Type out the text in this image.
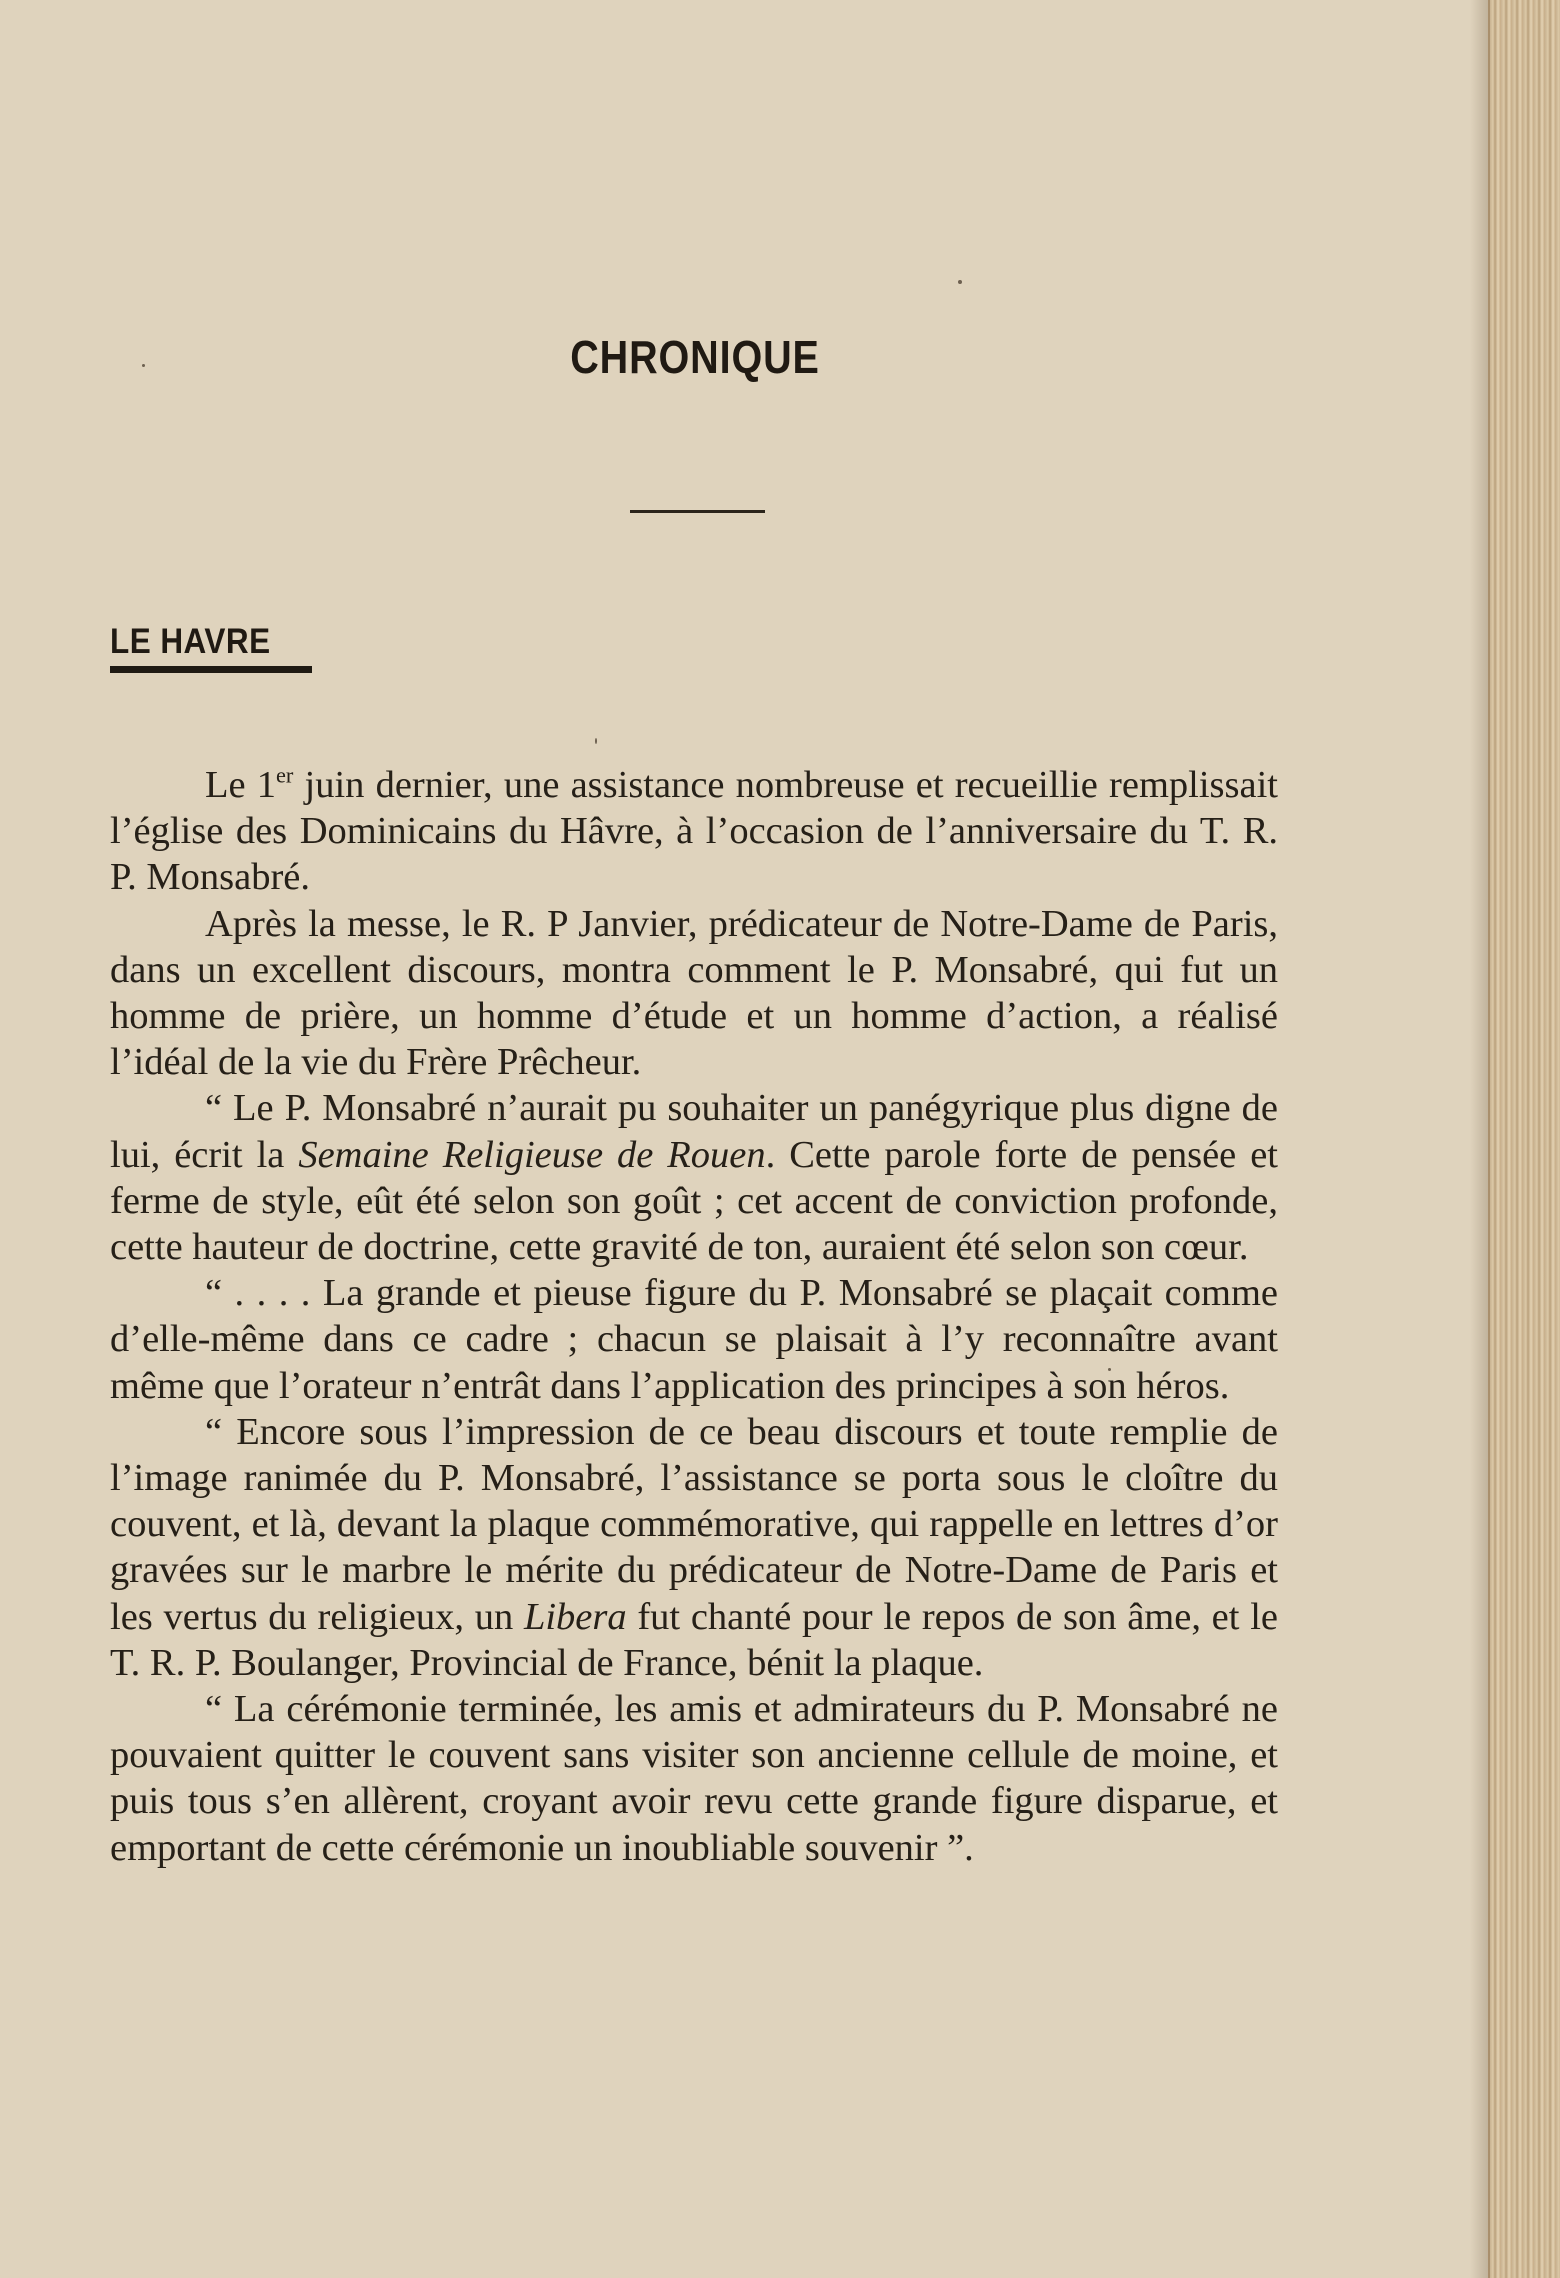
CHRONIQUE
LE HAVRE

Le 1er juin dernier, une assistance nombreuse et recueillie remplissait l’église des Dominicains du Hâvre, à l’occasion de l’anniversaire du T. R. P. Monsabré.

Après la messe, le R. P Janvier, prédicateur de Notre-Dame de Paris, dans un excellent discours, montra comment le P. Monsabré, qui fut un homme de prière, un homme d’étude et un homme d’action, a réalisé l’idéal de la vie du Frère Prêcheur.

“ Le P. Monsabré n’aurait pu souhaiter un panégyrique plus digne de lui, écrit la Semaine Religieuse de Rouen. Cette parole forte de pensée et ferme de style, eût été selon son goût ; cet accent de conviction profonde, cette hauteur de doctrine, cette gravité de ton, auraient été selon son cœur.

“ . . . . La grande et pieuse figure du P. Monsabré se plaçait comme d’elle-même dans ce cadre ; chacun se plaisait à l’y reconnaître avant même que l’orateur n’entrât dans l’application des principes à son héros.

“ Encore sous l’impression de ce beau discours et toute remplie de l’image ranimée du P. Monsabré, l’assistance se porta sous le cloître du couvent, et là, devant la plaque commémorative, qui rappelle en lettres d’or gravées sur le marbre le mérite du prédicateur de Notre-Dame de Paris et les vertus du religieux, un Libera fut chanté pour le repos de son âme, et le T. R. P. Boulanger, Provincial de France, bénit la plaque.

“ La cérémonie terminée, les amis et admirateurs du P. Monsabré ne pouvaient quitter le couvent sans visiter son ancienne cellule de moine, et puis tous s’en allèrent, croyant avoir revu cette grande figure disparue, et emportant de cette cérémonie un inoubliable souvenir ”.
